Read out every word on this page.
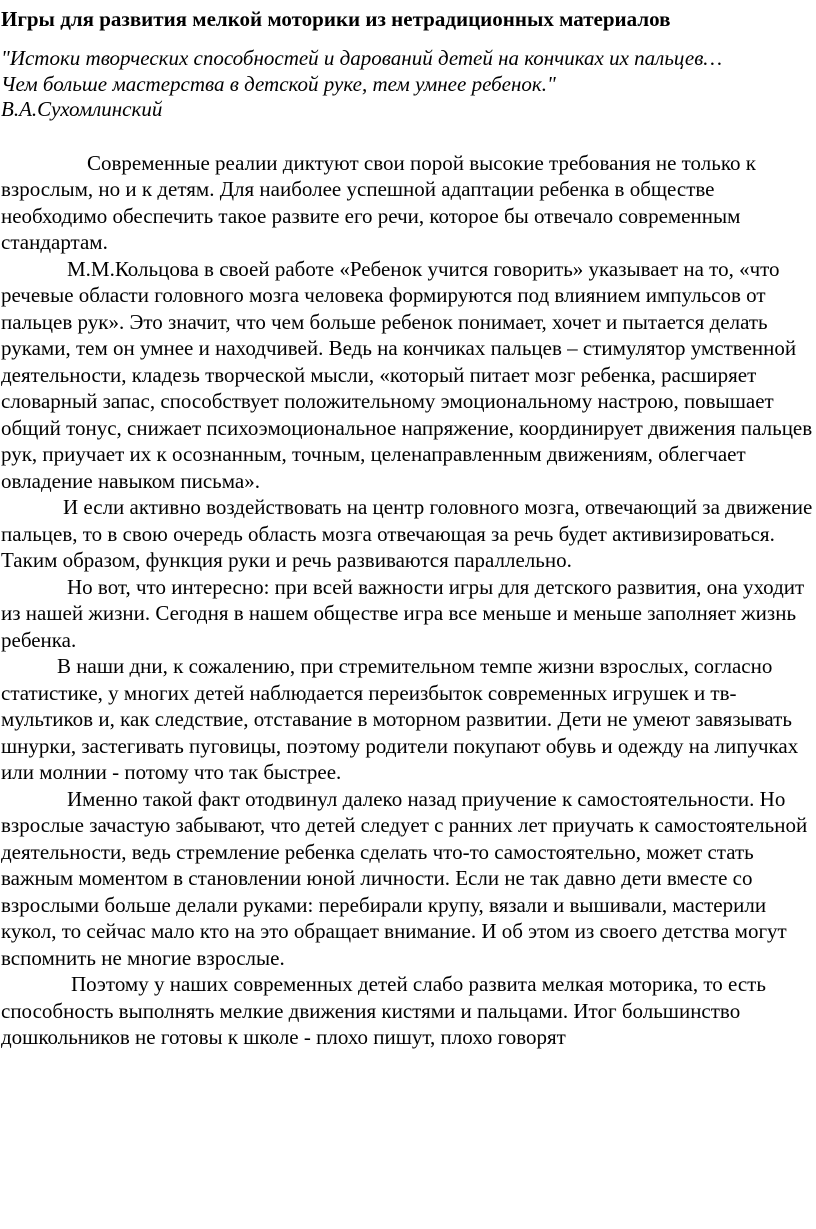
Игры для развития мелкой моторики из нетрадиционных материалов

"Истоки творческих способностей и дарований детей на кончиках их пальцев…

Чем больше мастерства в детской руке, тем умнее ребенок."

В.А.Сухомлинский

Современные реалии диктуют свои порой высокие требования не только к взрослым, но и к детям. Для наиболее успешной адаптации ребенка в обществе необходимо обеспечить такое развите его речи, которое бы отвечало современным стандартам.

М.М.Кольцова в своей работе «Ребенок учится говорить» указывает на то, «что речевые области головного мозга человека формируются под влиянием импульсов от пальцев рук». Это значит, что чем больше ребенок понимает, хочет и пытается делать руками, тем он умнее и находчивей. Ведь на кончиках пальцев – стимулятор умственной деятельности, кладезь творческой мысли, «который питает мозг ребенка, расширяет словарный запас, способствует положительному эмоциональному настрою, повышает общий тонус, снижает психоэмоциональное напряжение, координирует движения пальцев рук, приучает их к осознанным, точным, целенаправленным движениям, облегчает овладение навыком письма».

И если активно воздействовать на центр головного мозга, отвечающий за движение пальцев, то в свою очередь область мозга отвечающая за речь будет активизироваться. Таким образом, функция руки и речь развиваются параллельно.

Но вот, что интересно: при всей важности игры для детского развития, она уходит из нашей жизни. Сегодня в нашем обществе игра все меньше и меньше заполняет жизнь ребенка.

В наши дни, к сожалению, при стремительном темпе жизни взрослых, согласно статистике, у многих детей наблюдается переизбыток современных игрушек и тв-мультиков и, как следствие, отставание в моторном развитии. Дети не умеют завязывать шнурки, застегивать пуговицы, поэтому родители покупают обувь и одежду на липучках или молнии - потому что так быстрее.

Именно такой факт отодвинул далеко назад приучение к самостоятельности. Но взрослые зачастую забывают, что детей следует с ранних лет приучать к самостоятельной деятельности, ведь стремление ребенка сделать что-то самостоятельно, может стать важным моментом в становлении юной личности. Если не так давно дети вместе со взрослыми больше делали руками: перебирали крупу, вязали и вышивали, мастерили кукол, то сейчас мало кто на это обращает внимание. И об этом из своего детства могут вспомнить не многие взрослые.

Поэтому у наших современных детей слабо развита мелкая моторика, то есть способность выполнять мелкие движения кистями и пальцами. Итог большинство дошкольников не готовы к школе - плохо пишут, плохо говорят
